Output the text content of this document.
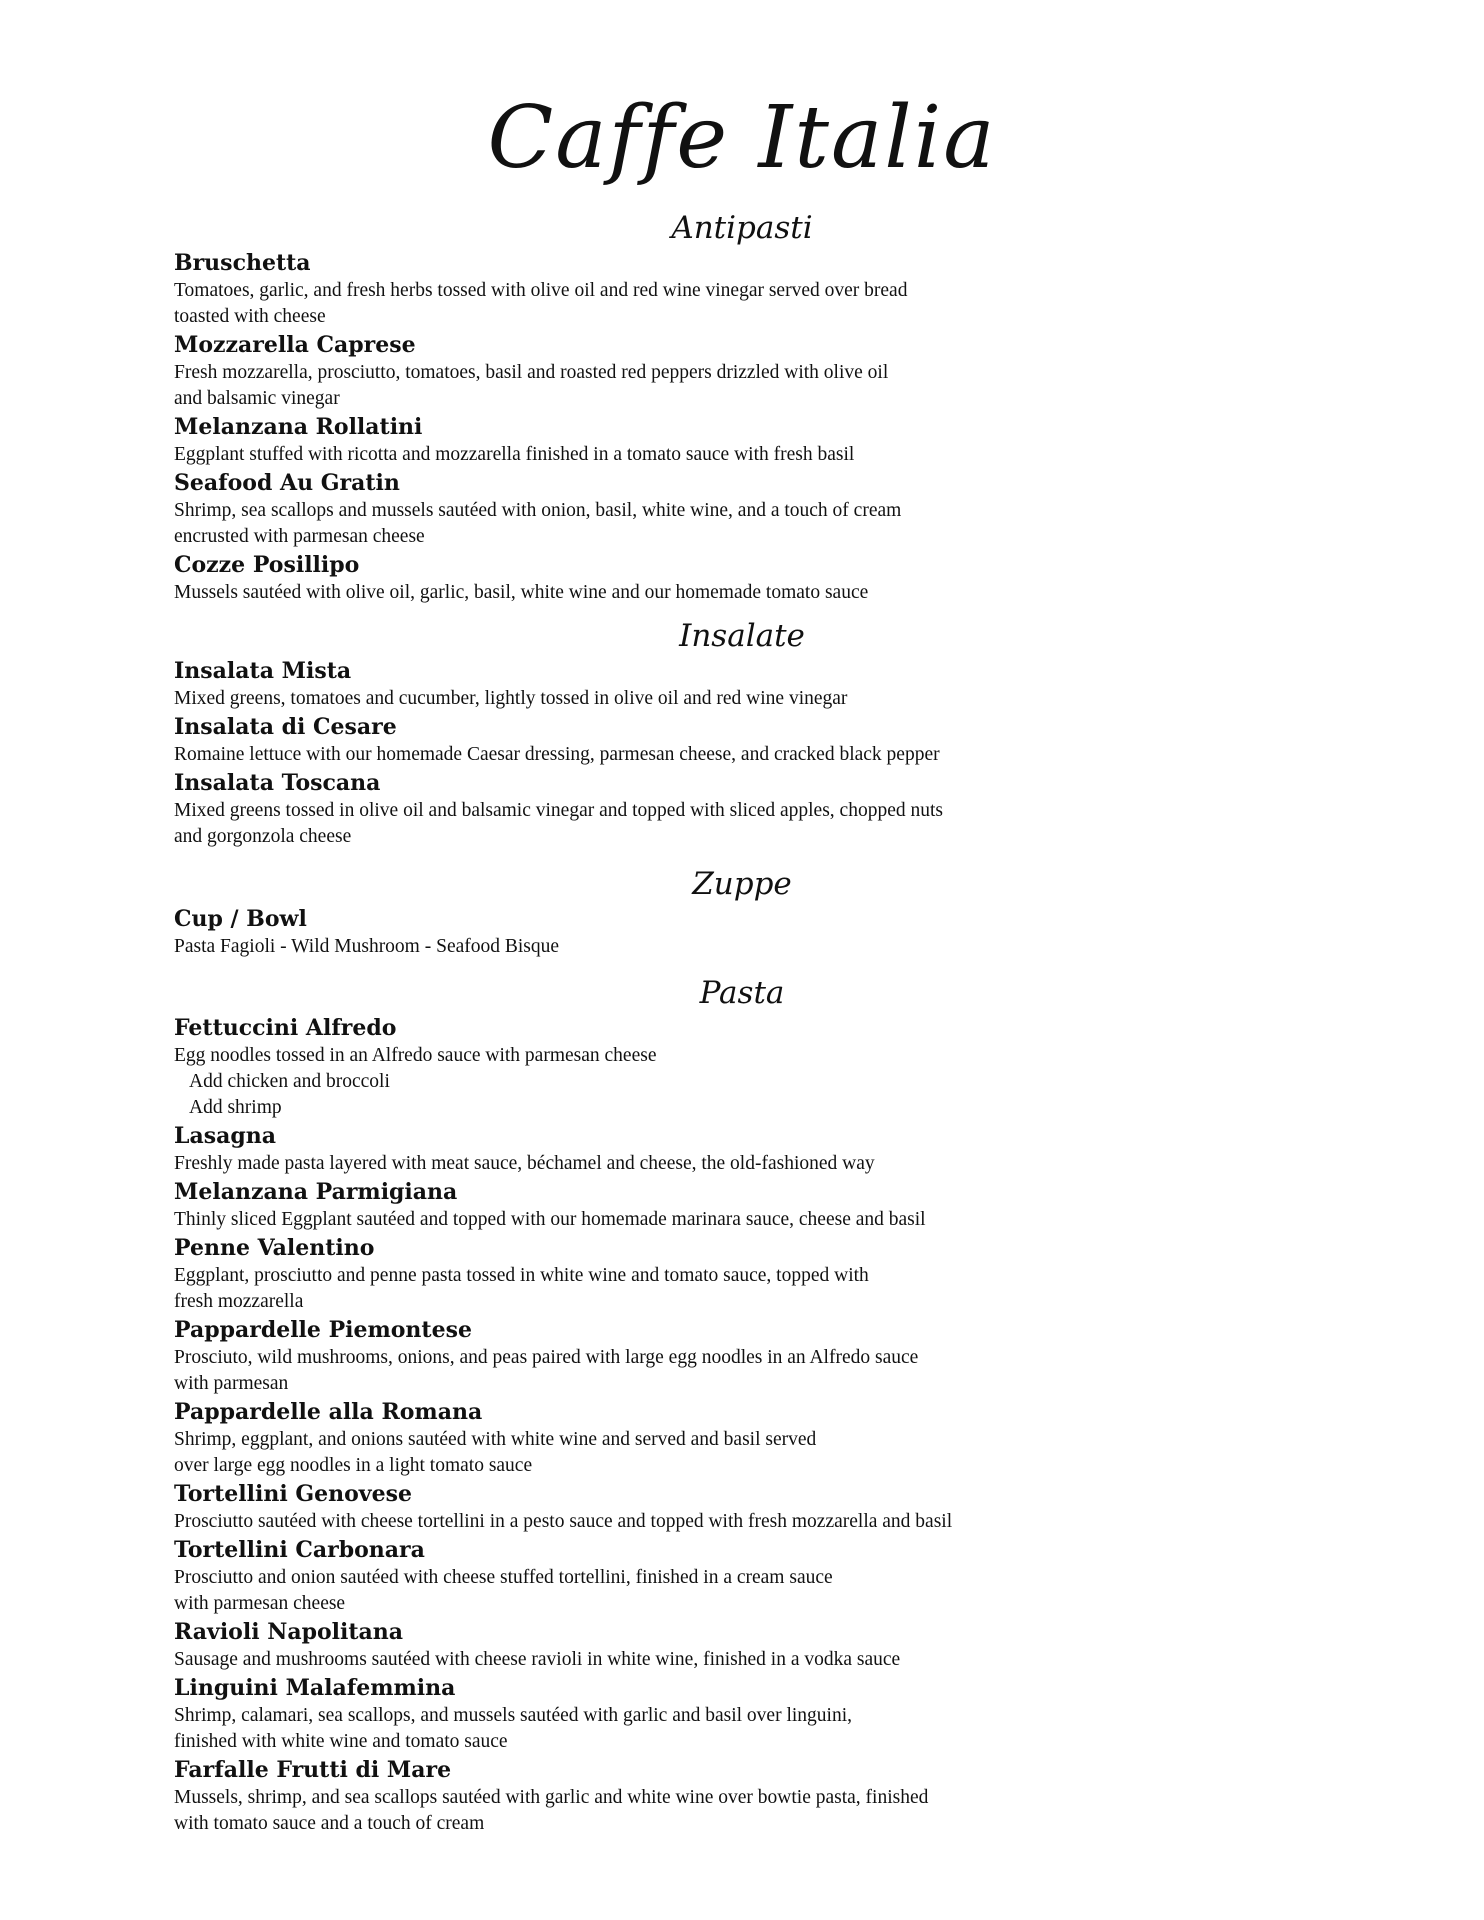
Caffe Italia
Antipasti
Bruschetta
Tomatoes, garlic, and fresh herbs tossed with olive oil and red wine vinegar served over bread
toasted with cheese
Mozzarella Caprese
Fresh mozzarella, prosciutto, tomatoes, basil and roasted red peppers drizzled with olive oil
and balsamic vinegar
Melanzana Rollatini
Eggplant stuffed with ricotta and mozzarella finished in a tomato sauce with fresh basil
Seafood Au Gratin
Shrimp, sea scallops and mussels sautéed with onion, basil, white wine, and a touch of cream
encrusted with parmesan cheese
Cozze Posillipo
Mussels sautéed with olive oil, garlic, basil, white wine and our homemade tomato sauce
Insalate
Insalata Mista
Mixed greens, tomatoes and cucumber, lightly tossed in olive oil and red wine vinegar
Insalata di Cesare
Romaine lettuce with our homemade Caesar dressing, parmesan cheese, and cracked black pepper
Insalata Toscana
Mixed greens tossed in olive oil and balsamic vinegar and topped with sliced apples, chopped nuts
and gorgonzola cheese
Zuppe
Cup / Bowl
Pasta Fagioli - Wild Mushroom - Seafood Bisque
Pasta
Fettuccini Alfredo
Egg noodles tossed in an Alfredo sauce with parmesan cheese
Add chicken and broccoli
Add shrimp
Lasagna
Freshly made pasta layered with meat sauce, béchamel and cheese, the old-fashioned way
Melanzana Parmigiana
Thinly sliced Eggplant sautéed and topped with our homemade marinara sauce, cheese and basil
Penne Valentino
Eggplant, prosciutto and penne pasta tossed in white wine and tomato sauce, topped with
fresh mozzarella
Pappardelle Piemontese
Prosciuto, wild mushrooms, onions, and peas paired with large egg noodles in an Alfredo sauce
with parmesan
Pappardelle alla Romana
Shrimp, eggplant, and onions sautéed with white wine and served and basil served
over large egg noodles in a light tomato sauce
Tortellini Genovese
Prosciutto sautéed with cheese tortellini in a pesto sauce and topped with fresh mozzarella and basil
Tortellini Carbonara
Prosciutto and onion sautéed with cheese stuffed tortellini, finished in a cream sauce
with parmesan cheese
Ravioli Napolitana
Sausage and mushrooms sautéed with cheese ravioli in white wine, finished in a vodka sauce
Linguini Malafemmina
Shrimp, calamari, sea scallops, and mussels sautéed with garlic and basil over linguini,
finished with white wine and tomato sauce
Farfalle Frutti di Mare
Mussels, shrimp, and sea scallops sautéed with garlic and white wine over bowtie pasta, finished
with tomato sauce and a touch of cream
